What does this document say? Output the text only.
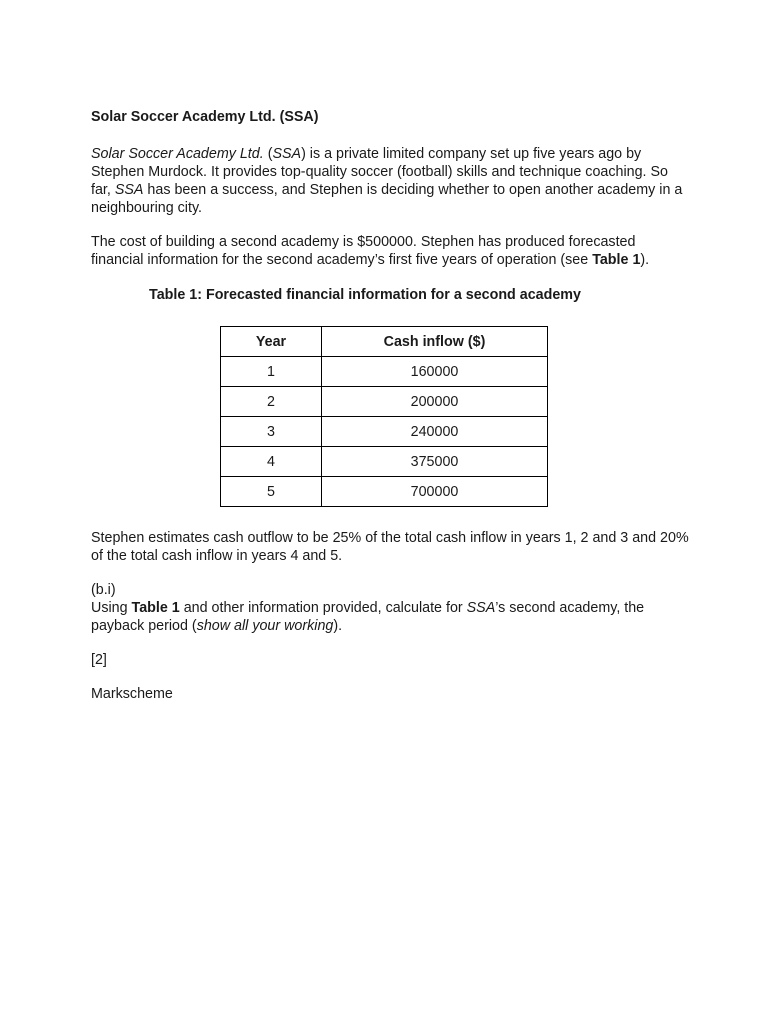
Solar Soccer Academy Ltd. (SSA)

Solar Soccer Academy Ltd. (SSA) is a private limited company set up five years ago by Stephen Murdock. It provides top-quality soccer (football) skills and technique coaching. So far, SSA has been a success, and Stephen is deciding whether to open another academy in a neighbouring city.

The cost of building a second academy is $500000. Stephen has produced forecasted financial information for the second academy’s first five years of operation (see Table 1).

Table 1: Forecasted financial information for a second academy
Year	Cash inflow ($)
1	160000
2	200000
3	240000
4	375000
5	700000

Stephen estimates cash outflow to be 25% of the total cash inflow in years 1, 2 and 3 and 20% of the total cash inflow in years 4 and 5.

(b.i)

Using Table 1 and other information provided, calculate for SSA’s second academy, the payback period (show all your working).

[2]

Markscheme
